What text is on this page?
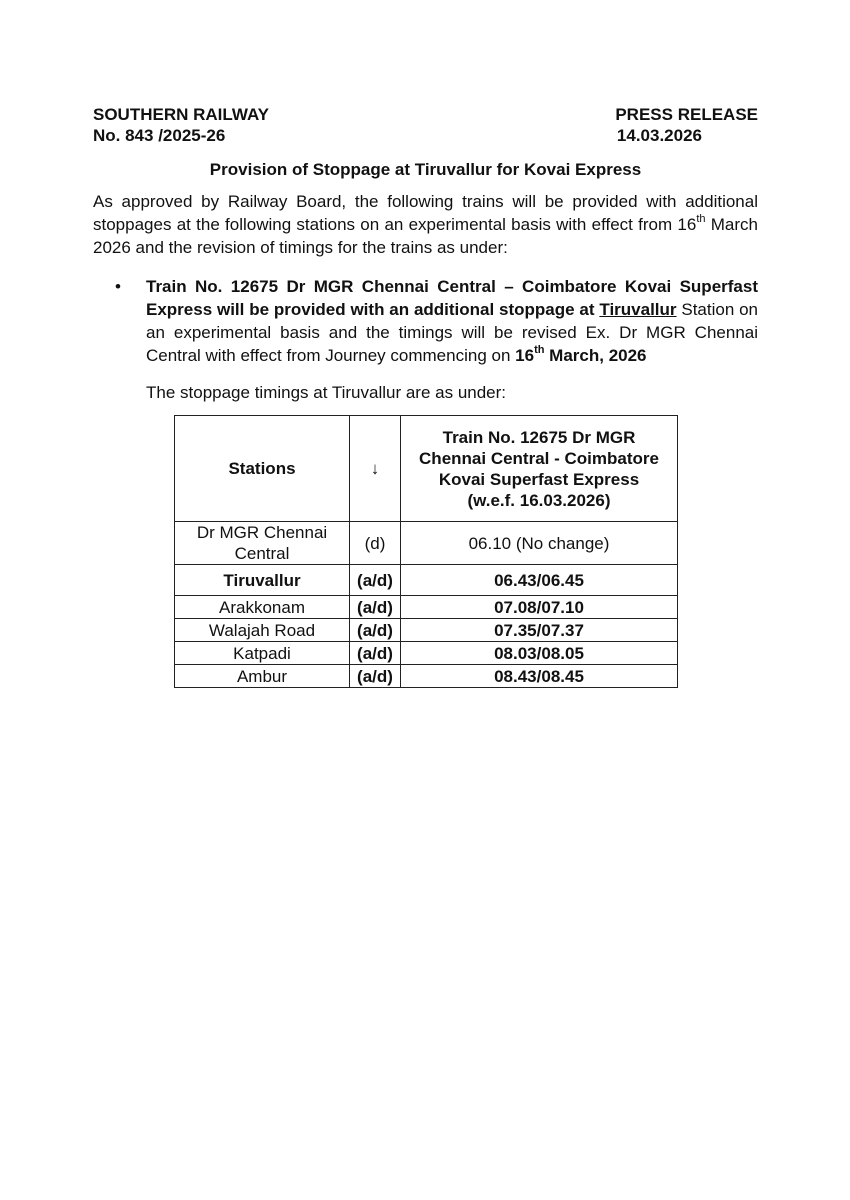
SOUTHERN RAILWAY
No. 843 /2025-26
PRESS RELEASE
14.03.2026
Provision of Stoppage at Tiruvallur for Kovai Express
As approved by Railway Board, the following trains will be provided with additional stoppages at the following stations on an experimental basis with effect from 16th March 2026 and the revision of timings for the trains as under:
• Train No. 12675 Dr MGR Chennai Central – Coimbatore Kovai Superfast Express will be provided with an additional stoppage at Tiruvallur Station on an experimental basis and the timings will be revised Ex. Dr MGR Chennai Central with effect from Journey commencing on 16th March, 2026
The stoppage timings at Tiruvallur are as under:
Stations	↓	Train No. 12675 Dr MGR
Chennai Central - Coimbatore
Kovai Superfast Express
(w.e.f. 16.03.2026)

Dr MGR Chennai
Central	(d)	06.10 (No change)
Tiruvallur	(a/d)	06.43/06.45
Arakkonam	(a/d)	07.08/07.10
Walajah Road	(a/d)	07.35/07.37
Katpadi	(a/d)	08.03/08.05
Ambur	(a/d)	08.43/08.45
